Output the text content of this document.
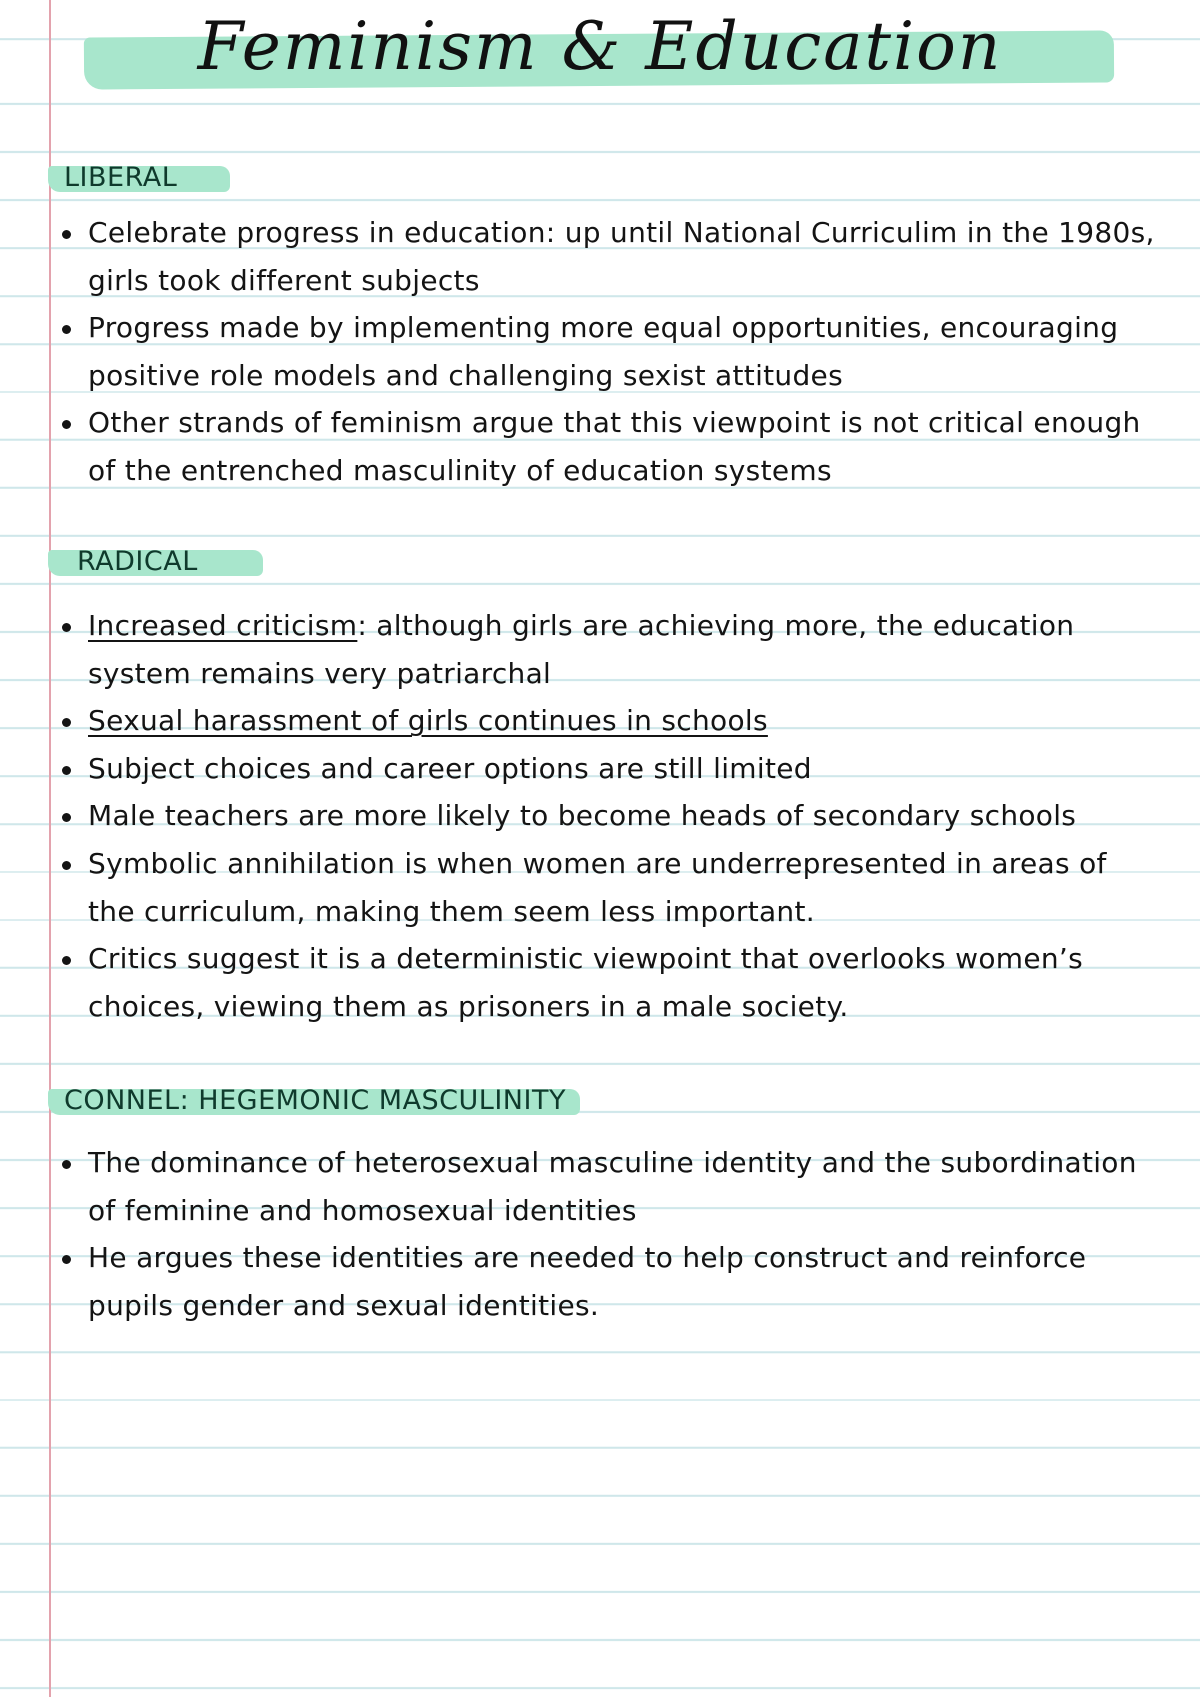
Feminism & Education
LIBERAL
Celebrate progress in education: up until National Curriculim in the 1980s, girls took different subjects
Progress made by implementing more equal opportunities, encouraging positive role models and challenging sexist attitudes
Other strands of feminism argue that this viewpoint is not critical enough of the entrenched masculinity of education systems
RADICAL
Increased criticism: although girls are achieving more, the education system remains very patriarchal
Sexual harassment of girls continues in schools
Subject choices and career options are still limited
Male teachers are more likely to become heads of secondary schools
Symbolic annihilation is when women are underrepresented in areas of the curriculum, making them seem less important.
Critics suggest it is a deterministic viewpoint that overlooks women’s choices, viewing them as prisoners in a male society.
CONNEL: HEGEMONIC MASCULINITY
The dominance of heterosexual masculine identity and the subordination of feminine and homosexual identities
He argues these identities are needed to help construct and reinforce pupils gender and sexual identities.
